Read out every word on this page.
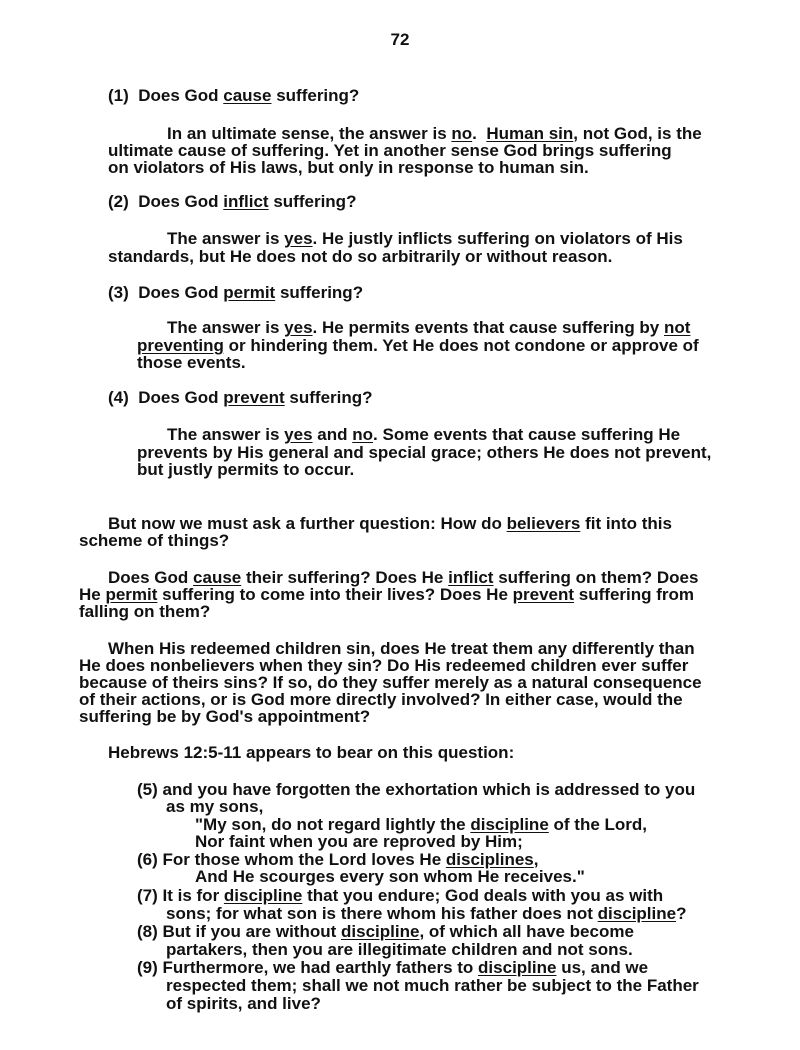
72
(1) Does God cause suffering?
In an ultimate sense, the answer is no. Human sin, not God, is the
ultimate cause of suffering. Yet in another sense God brings suffering
on violators of His laws, but only in response to human sin.
(2) Does God inflict suffering?
The answer is yes. He justly inflicts suffering on violators of His
standards, but He does not do so arbitrarily or without reason.
(3) Does God permit suffering?
The answer is yes. He permits events that cause suffering by not
preventing or hindering them. Yet He does not condone or approve of
those events.
(4) Does God prevent suffering?
The answer is yes and no. Some events that cause suffering He
prevents by His general and special grace; others He does not prevent,
but justly permits to occur.
But now we must ask a further question: How do believers fit into this
scheme of things?
Does God cause their suffering? Does He inflict suffering on them? Does
He permit suffering to come into their lives? Does He prevent suffering from
falling on them?
When His redeemed children sin, does He treat them any differently than
He does nonbelievers when they sin? Do His redeemed children ever suffer
because of theirs sins? If so, do they suffer merely as a natural consequence
of their actions, or is God more directly involved? In either case, would the
suffering be by God's appointment?
Hebrews 12:5-11 appears to bear on this question:
(5) and you have forgotten the exhortation which is addressed to you
as my sons,
"My son, do not regard lightly the discipline of the Lord,
Nor faint when you are reproved by Him;
(6) For those whom the Lord loves He disciplines,
And He scourges every son whom He receives."
(7) It is for discipline that you endure; God deals with you as with
sons; for what son is there whom his father does not discipline?
(8) But if you are without discipline, of which all have become
partakers, then you are illegitimate children and not sons.
(9) Furthermore, we had earthly fathers to discipline us, and we
respected them; shall we not much rather be subject to the Father
of spirits, and live?
